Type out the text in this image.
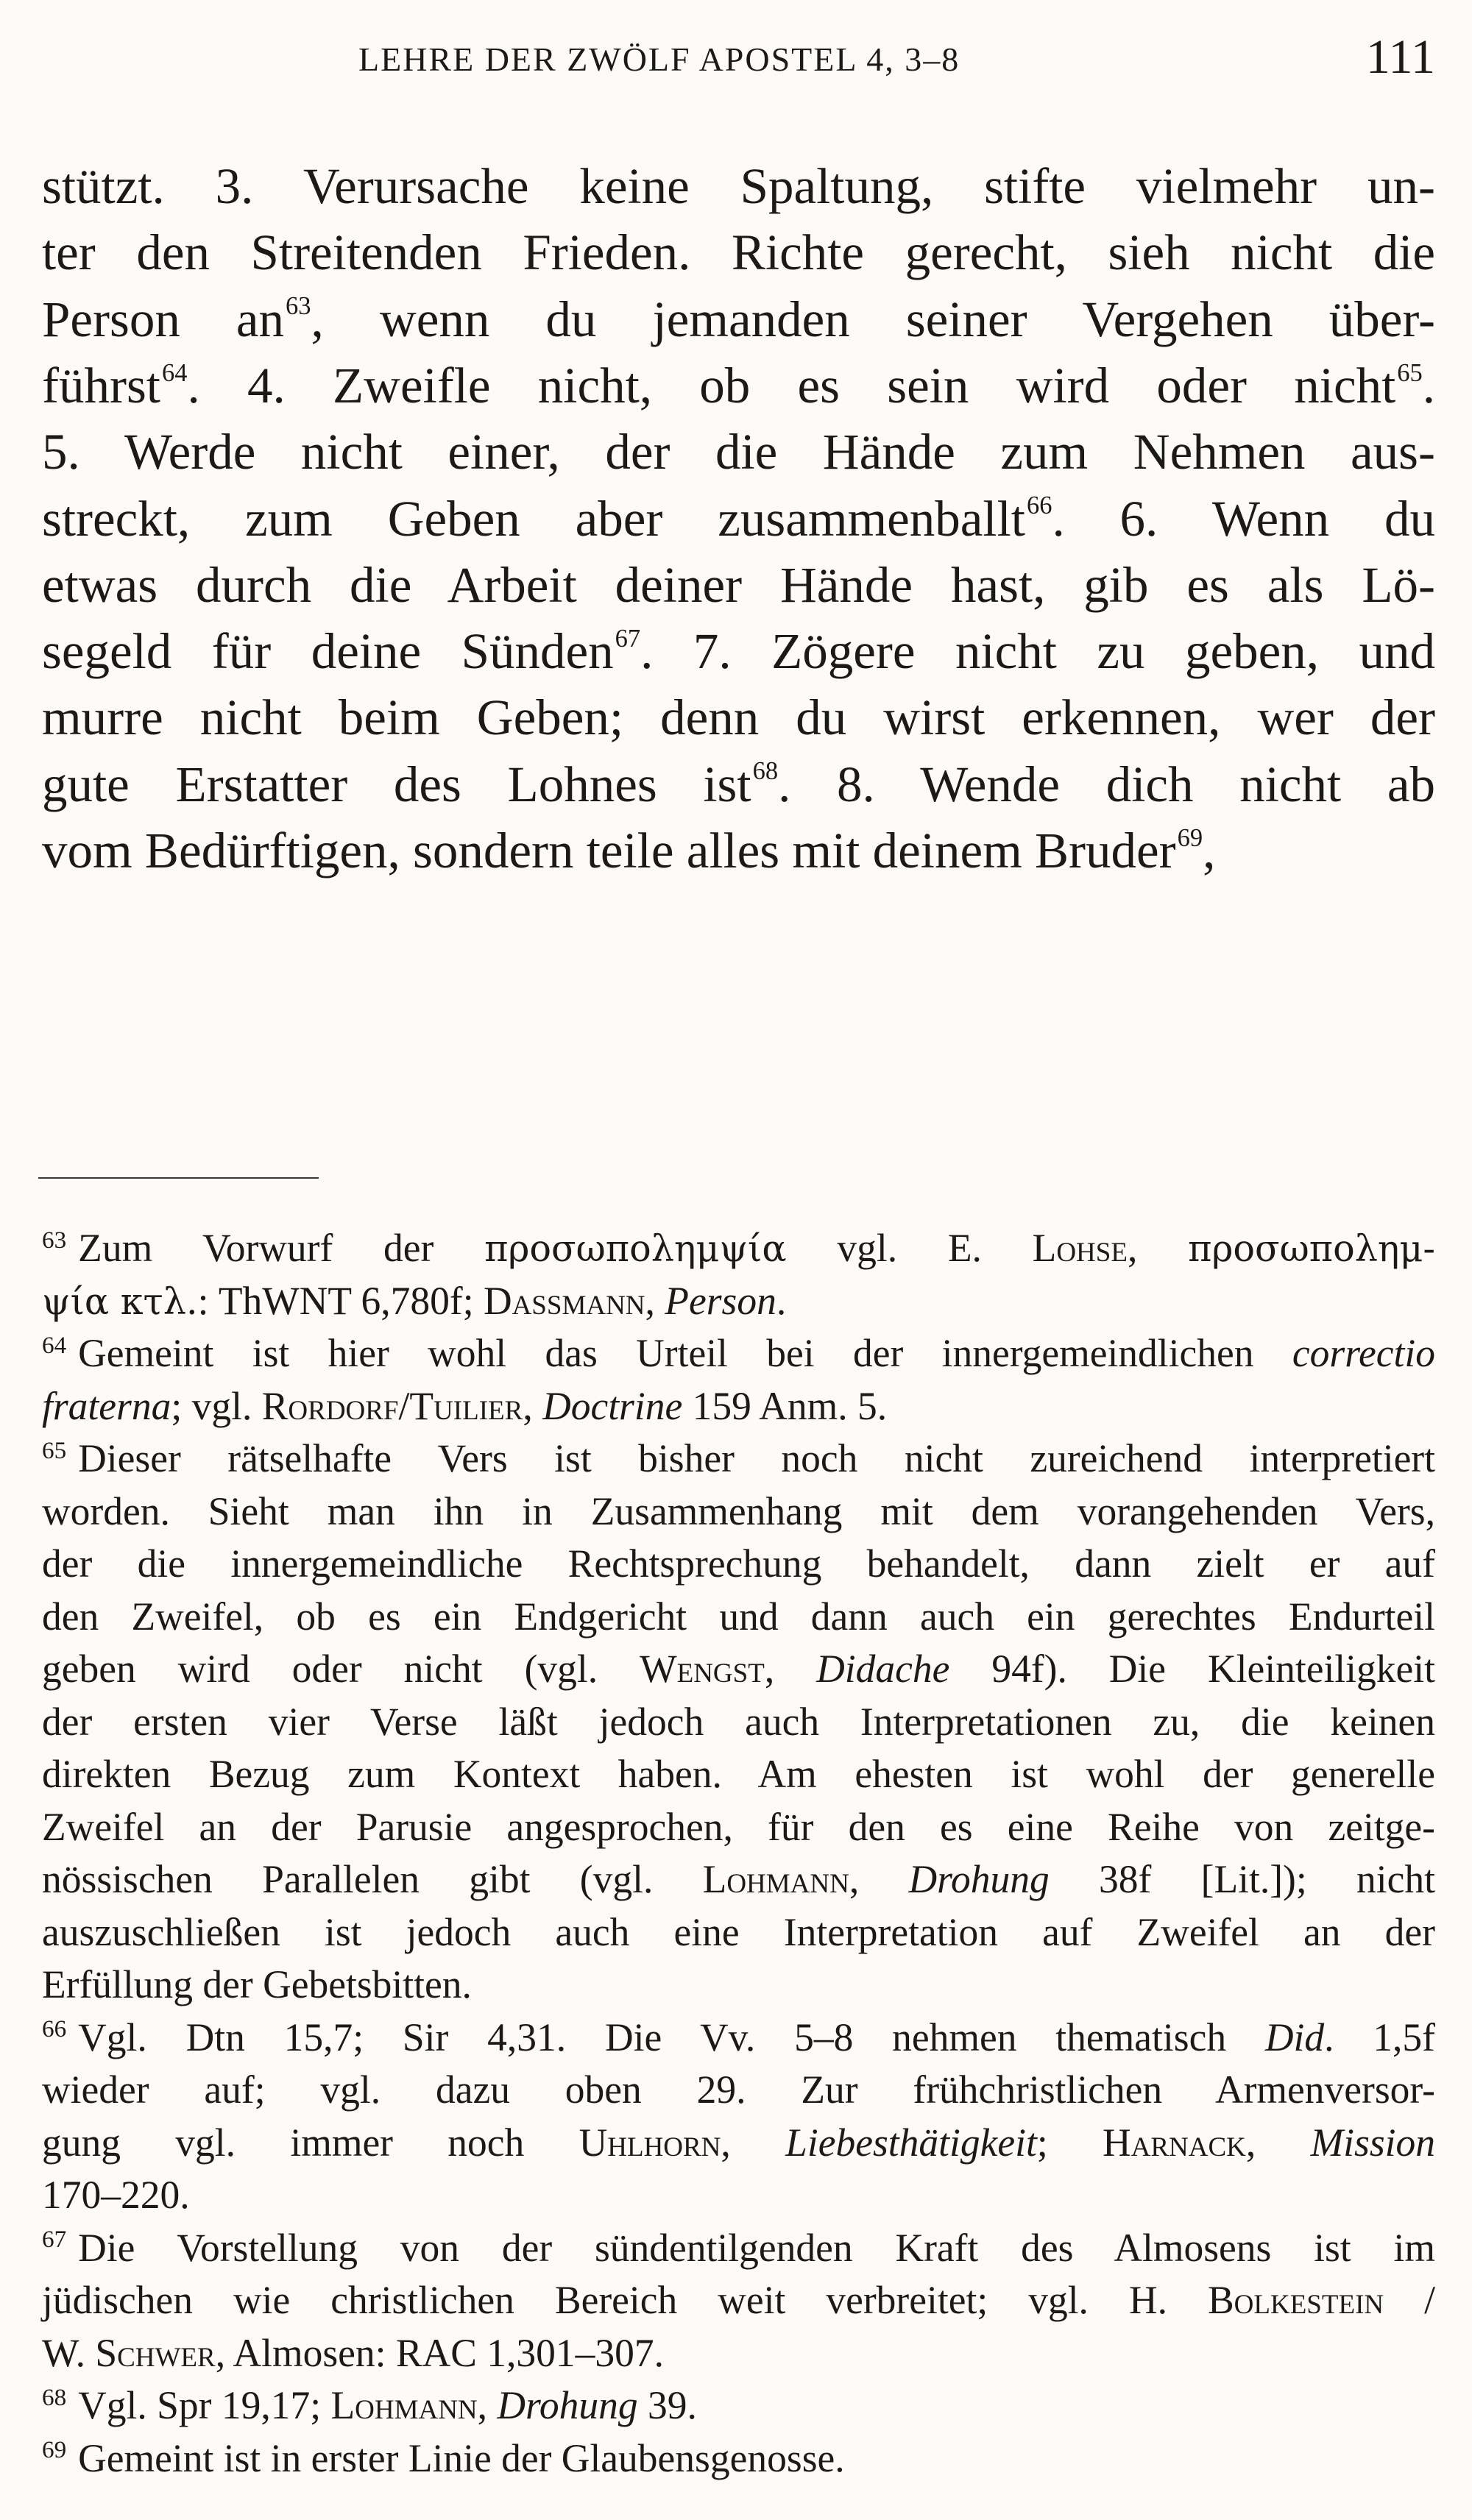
LEHRE DER ZWÖLF APOSTEL 4, 3–8	111
stützt. 3. Verursache keine Spaltung, stifte vielmehr un-
ter den Streitenden Frieden. Richte gerecht, sieh nicht die
Person $an^{63}$, wenn du jemanden seiner Vergehen über-
führst$^{64}$. 4. Zweifle nicht, ob es sein wird oder nicht$^{65}$.
5. Werde nicht einer, der die Hände zum Nehmen aus-
streckt, zum Geben aber zusammenballt$^{66}$. 6. Wenn du
etwas durch die Arbeit deiner Hände hast, gib es als Lö-
segeld für deine Sünden$^{67}$. 7. Zögere nicht zu geben, und
murre nicht beim Geben; denn du wirst erkennen, wer der
gute Erstatter des Lohnes ist$^{68}$. 8. Wende dich nicht ab
vom Bedürftigen, sondern teile alles mit deinem Bruder$^{69}$,
$^{63}$ Zum Vorwurf der προσωπολημψία vgl. E. Lohse, προσωπολημ-
ψία κτλ.: ThWNT 6,780f; Dassmann, Person.
$^{64}$ Gemeint ist hier wohl das Urteil bei der innergemeindlichen correctio
fraterna; vgl. Rordorf/Tuilier, Doctrine 159 Anm. 5.
$^{65}$ Dieser rätselhafte Vers ist bisher noch nicht zureichend interpretiert
worden. Sieht man ihn in Zusammenhang mit dem vorangehenden Vers,
der die innergemeindliche Rechtsprechung behandelt, dann zielt er auf
den Zweifel, ob es ein Endgericht und dann auch ein gerechtes Endurteil
geben wird oder nicht (vgl. Wengst, Didache 94f). Die Kleinteiligkeit
der ersten vier Verse läßt jedoch auch Interpretationen zu, die keinen
direkten Bezug zum Kontext haben. Am ehesten ist wohl der generelle
Zweifel an der Parusie angesprochen, für den es eine Reihe von zeitge-
nössischen Parallelen gibt (vgl. Lohmann, Drohung 38f [Lit.]); nicht
auszuschließen ist jedoch auch eine Interpretation auf Zweifel an der
Erfüllung der Gebetsbitten.
$^{66}$ Vgl. Dtn 15,7; Sir 4,31. Die Vv. 5–8 nehmen thematisch Did. 1,5f
wieder auf; vgl. dazu oben 29. Zur frühchristlichen Armenversor-
gung vgl. immer noch Uhlhorn, Liebesthätigkeit; Harnack, Mission
170–220.
$^{67}$ Die Vorstellung von der sündentilgenden Kraft des Almosens ist im
jüdischen wie christlichen Bereich weit verbreitet; vgl. H. Bolkestein /
W. Schwer, Almosen: RAC 1,301–307.
$^{68}$ Vgl. Spr 19,17; Lohmann, Drohung 39.
$^{69}$ Gemeint ist in erster Linie der Glaubensgenosse.
